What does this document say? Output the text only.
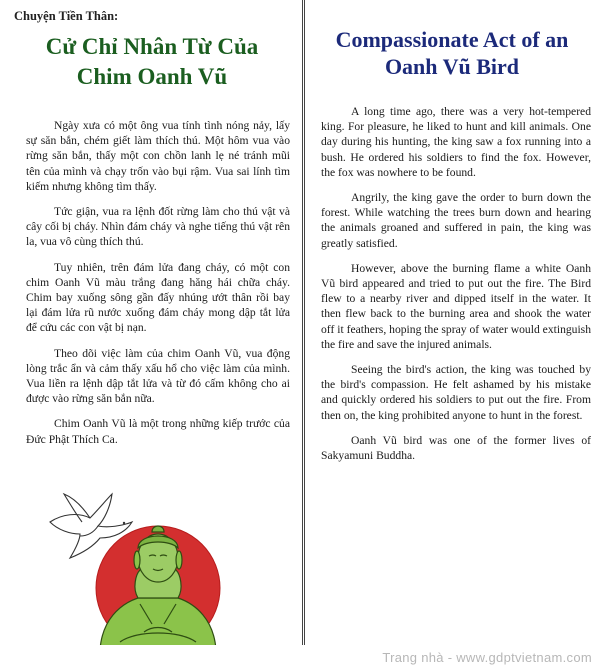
Chuyện Tiền Thân:
Cử Chỉ Nhân Từ Của
Chim Oanh Vũ

Ngày xưa có một ông vua tính tình nóng nảy, lấy sự săn bắn, chém giết làm thích thú. Một hôm vua vào rừng săn bắn, thấy một con chồn lanh lẹ né tránh mũi tên của mình và chạy trốn vào bụi rậm. Vua sai lính tìm kiếm nhưng không tìm thấy.

Tức giận, vua ra lệnh đốt rừng làm cho thú vật và cây cối bị cháy. Nhìn đám cháy và nghe tiếng thú vật rên la, vua vô cùng thích thú.

Tuy nhiên, trên đám lửa đang cháy, có một con chim Oanh Vũ màu trắng đang hăng hái chữa cháy. Chim bay xuống sông gần đấy nhúng ướt thân rồi bay lại đám lửa rũ nước xuống đám cháy mong dập tắt lửa để cứu các con vật bị nạn.

Theo dõi việc làm của chim Oanh Vũ, vua động lòng trắc ẩn và cảm thấy xấu hổ cho việc làm của mình. Vua liền ra lệnh dập tắt lửa và từ đó cấm không cho ai được vào rừng săn bắn nữa.

Chim Oanh Vũ là một trong những kiếp trước của Đức Phật Thích Ca.

Compassionate Act of an
Oanh Vũ Bird

A long time ago, there was a very hot-tempered king. For pleasure, he liked to hunt and kill animals. One day during his hunting, the king saw a fox running into a bush. He ordered his soldiers to find the fox. However, the fox was nowhere to be found.

Angrily, the king gave the order to burn down the forest. While watching the trees burn down and hearing the animals groaned and suffered in pain, the king was greatly satisfied.

However, above the burning flame a white Oanh Vũ bird appeared and tried to put out the fire. The Bird flew to a nearby river and dipped itself in the water. It then flew back to the burning area and shook the water off it feathers, hoping the spray of water would extinguish the fire and save the injured animals.

Seeing the bird's action, the king was touched by the bird's compassion. He felt ashamed by his mistake and quickly ordered his soldiers to put out the fire. From then on, the king prohibited anyone to hunt in the forest.

Oanh Vũ bird was one of the former lives of Sakyamuni Buddha.

Trang nhà - www.gdptvietnam.com
